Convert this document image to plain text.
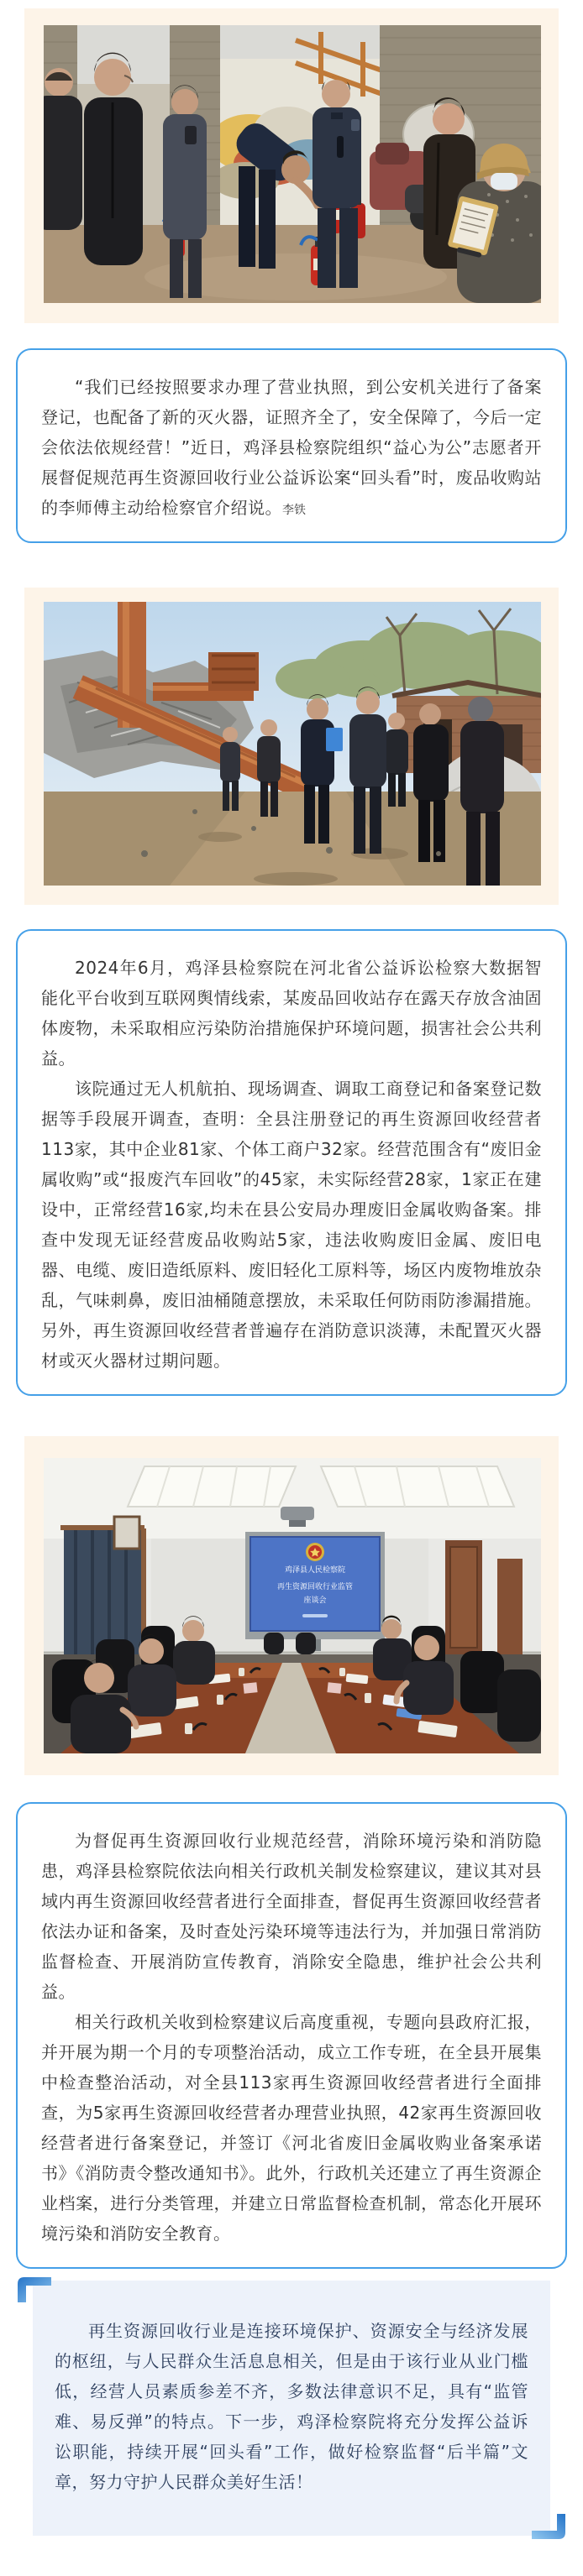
“我们已经按照要求办理了营业执照，到公安机关进行了备案登记，也配备了新的灭火器，证照齐全了，安全保障了，今后一定会依法依规经营！”近日，鸡泽县检察院组织“益心为公”志愿者开展督促规范再生资源回收行业公益诉讼案“回头看”时，废品收购站的李师傅主动给检察官介绍说。李铁

2024年6月，鸡泽县检察院在河北省公益诉讼检察大数据智能化平台收到互联网舆情线索，某废品回收站存在露天存放含油固体废物，未采取相应污染防治措施保护环境问题，损害社会公共利益。

该院通过无人机航拍、现场调查、调取工商登记和备案登记数据等手段展开调查，查明：全县注册登记的再生资源回收经营者113家，其中企业81家、个体工商户32家。经营范围含有“废旧金属收购”或“报废汽车回收”的45家，未实际经营28家，1家正在建设中，正常经营16家,均未在县公安局办理废旧金属收购备案。排查中发现无证经营废品收购站5家，违法收购废旧金属、废旧电器、电缆、废旧造纸原料、废旧轻化工原料等，场区内废物堆放杂乱，气味刺鼻，废旧油桶随意摆放，未采取任何防雨防渗漏措施。另外，再生资源回收经营者普遍存在消防意识淡薄，未配置灭火器材或灭火器材过期问题。

鸡泽县人民检察院
再生资源回收行业监管
座谈会

为督促再生资源回收行业规范经营，消除环境污染和消防隐患，鸡泽县检察院依法向相关行政机关制发检察建议，建议其对县域内再生资源回收经营者进行全面排查，督促再生资源回收经营者依法办证和备案，及时查处污染环境等违法行为，并加强日常消防监督检查、开展消防宣传教育，消除安全隐患，维护社会公共利益。

相关行政机关收到检察建议后高度重视，专题向县政府汇报，并开展为期一个月的专项整治活动，成立工作专班，在全县开展集中检查整治活动，对全县113家再生资源回收经营者进行全面排查，为5家再生资源回收经营者办理营业执照，42家再生资源回收经营者进行备案登记，并签订《河北省废旧金属收购业备案承诺书》《消防责令整改通知书》。此外，行政机关还建立了再生资源企业档案，进行分类管理，并建立日常监督检查机制，常态化开展环境污染和消防安全教育。

再生资源回收行业是连接环境保护、资源安全与经济发展的枢纽，与人民群众生活息息相关，但是由于该行业从业门槛低，经营人员素质参差不齐，多数法律意识不足，具有“监管难、易反弹”的特点。下一步，鸡泽检察院将充分发挥公益诉讼职能，持续开展“回头看”工作，做好检察监督“后半篇”文章，努力守护人民群众美好生活！
